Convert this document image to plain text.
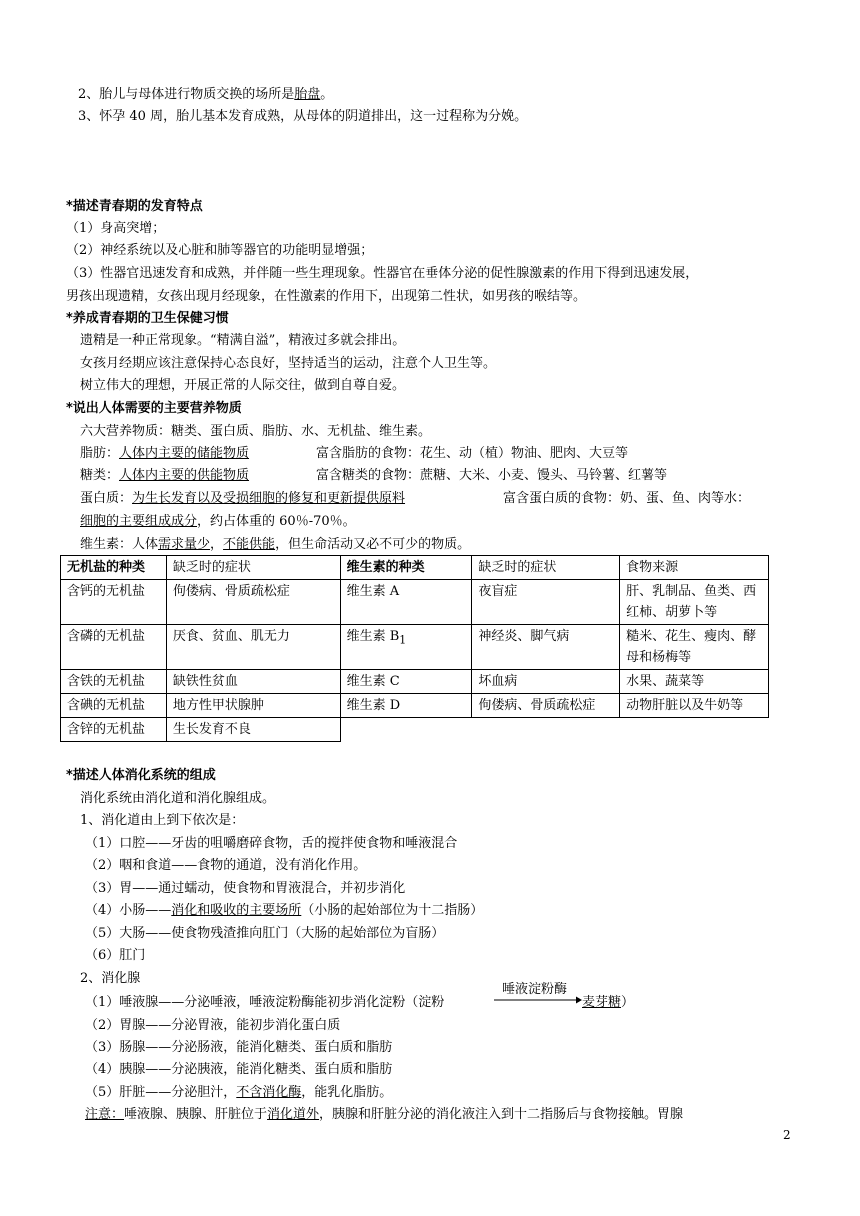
2、胎儿与母体进行物质交换的场所是胎盘。
3、怀孕 40 周，胎儿基本发育成熟，从母体的阴道排出，这一过程称为分娩。
*描述青春期的发育特点
（1）身高突增；
（2）神经系统以及心脏和肺等器官的功能明显增强；
（3）性器官迅速发育和成熟，并伴随一些生理现象。性器官在垂体分泌的促性腺激素的作用下得到迅速发展，
男孩出现遗精，女孩出现月经现象，在性激素的作用下，出现第二性状，如男孩的喉结等。
*养成青春期的卫生保健习惯
遗精是一种正常现象。“精满自溢”，精液过多就会排出。
女孩月经期应该注意保持心态良好，坚持适当的运动，注意个人卫生等。
树立伟大的理想，开展正常的人际交往，做到自尊自爱。
*说出人体需要的主要营养物质
六大营养物质：糖类、蛋白质、脂肪、水、无机盐、维生素。
脂肪：人体内主要的储能物质	富含脂肪的食物：花生、动（植）物油、肥肉、大豆等
糖类：人体内主要的供能物质	富含糖类的食物：蔗糖、大米、小麦、馒头、马铃薯、红薯等
蛋白质：为生长发育以及受损细胞的修复和更新提供原料	富含蛋白质的食物：奶、蛋、鱼、肉等水：
细胞的主要组成成分，约占体重的 60％-70％。
维生素：人体需求量少，不能供能，但生命活动又必不可少的物质。
无机盐的种类	缺乏时的症状	维生素的种类	缺乏时的症状	食物来源
含钙的无机盐	佝偻病、骨质疏松症	维生素 A	夜盲症	肝、乳制品、鱼类、西红柿、胡萝卜等
含磷的无机盐	厌食、贫血、肌无力	维生素 $B_1$	神经炎、脚气病	糙米、花生、瘦肉、酵母和杨梅等
含铁的无机盐	缺铁性贫血	维生素 C	坏血病	水果、蔬菜等
含碘的无机盐	地方性甲状腺肿	维生素 D	佝偻病、骨质疏松症	动物肝脏以及牛奶等
含锌的无机盐	生长发育不良			
*描述人体消化系统的组成
消化系统由消化道和消化腺组成。
1、消化道由上到下依次是：
（1）口腔——牙齿的咀嚼磨碎食物，舌的搅拌使食物和唾液混合
（2）咽和食道——食物的通道，没有消化作用。
（3）胃——通过蠕动，使食物和胃液混合，并初步消化
（4）小肠——消化和吸收的主要场所（小肠的起始部位为十二指肠）
（5）大肠——使食物残渣推向肛门（大肠的起始部位为盲肠）
（6）肛门
2、消化腺
（1）唾液腺——分泌唾液，唾液淀粉酶能初步消化淀粉（淀粉
唾液淀粉酶
麦芽糖）
（2）胃腺——分泌胃液，能初步消化蛋白质
（3）肠腺——分泌肠液，能消化糖类、蛋白质和脂肪
（4）胰腺——分泌胰液，能消化糖类、蛋白质和脂肪
（5）肝脏——分泌胆汁，不含消化酶，能乳化脂肪。
注意：唾液腺、胰腺、肝脏位于消化道外，胰腺和肝脏分泌的消化液注入到十二指肠后与食物接触。胃腺
2
